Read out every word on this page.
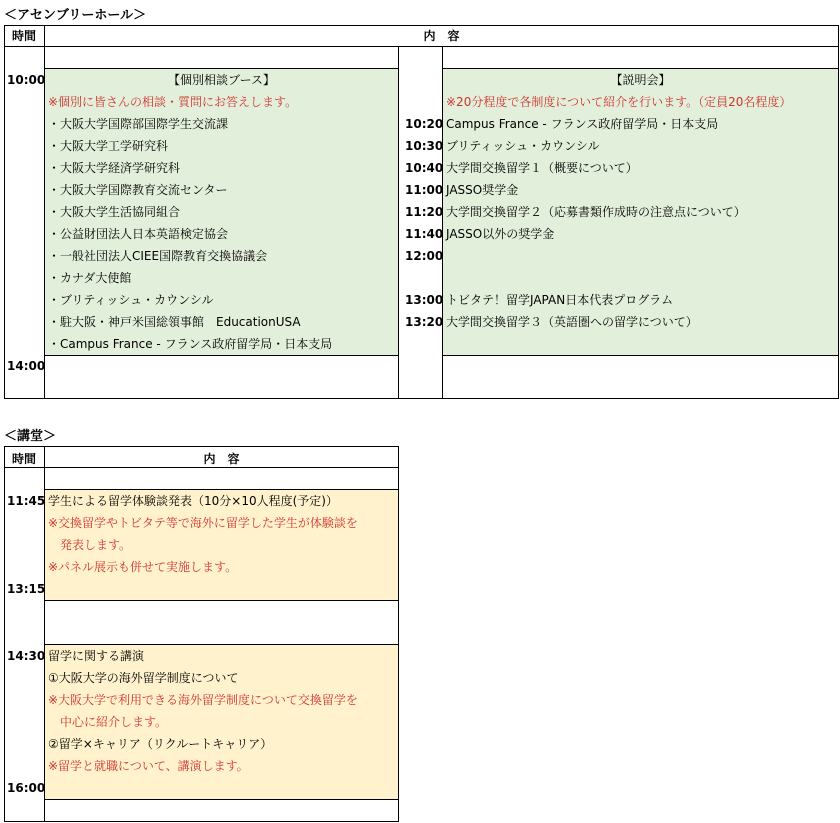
＜アセンブリーホール＞
時間	内　容
10:00
14:00
【個別相談ブース】
※個別に皆さんの相談・質問にお答えします。
・大阪大学国際部国際学生交流課
・大阪大学工学研究科
・大阪大学経済学研究科
・大阪大学国際教育交流センター
・大阪大学生活協同組合
・公益財団法人日本英語検定協会
・一般社団法人CIEE国際教育交換協議会
・カナダ大使館
・ブリティッシュ・カウンシル
・駐大阪・神戸米国総領事館　EducationUSA
・Campus France - フランス政府留学局・日本支局
【説明会】
※20分程度で各制度について紹介を行います。（定員20名程度）
10:20 Campus France - フランス政府留学局・日本支局
10:30 ブリティッシュ・カウンシル
10:40 大学間交換留学１（概要について）
11:00 JASSO奨学金
11:20 大学間交換留学２（応募書類作成時の注意点について）
11:40 JASSO以外の奨学金
12:00
13:00 トビタテ！留学JAPAN日本代表プログラム
13:20 大学間交換留学３（英語圏への留学について）
＜講堂＞
時間	内　容
11:45
13:15
14:30
16:00
学生による留学体験談発表（10分×10人程度(予定)）
※交換留学やトビタテ等で海外に留学した学生が体験談を
　発表します。
※パネル展示も併せて実施します。
留学に関する講演
①大阪大学の海外留学制度について
※大阪大学で利用できる海外留学制度について交換留学を
　中心に紹介します。
②留学×キャリア（リクルートキャリア）
※留学と就職について、講演します。
